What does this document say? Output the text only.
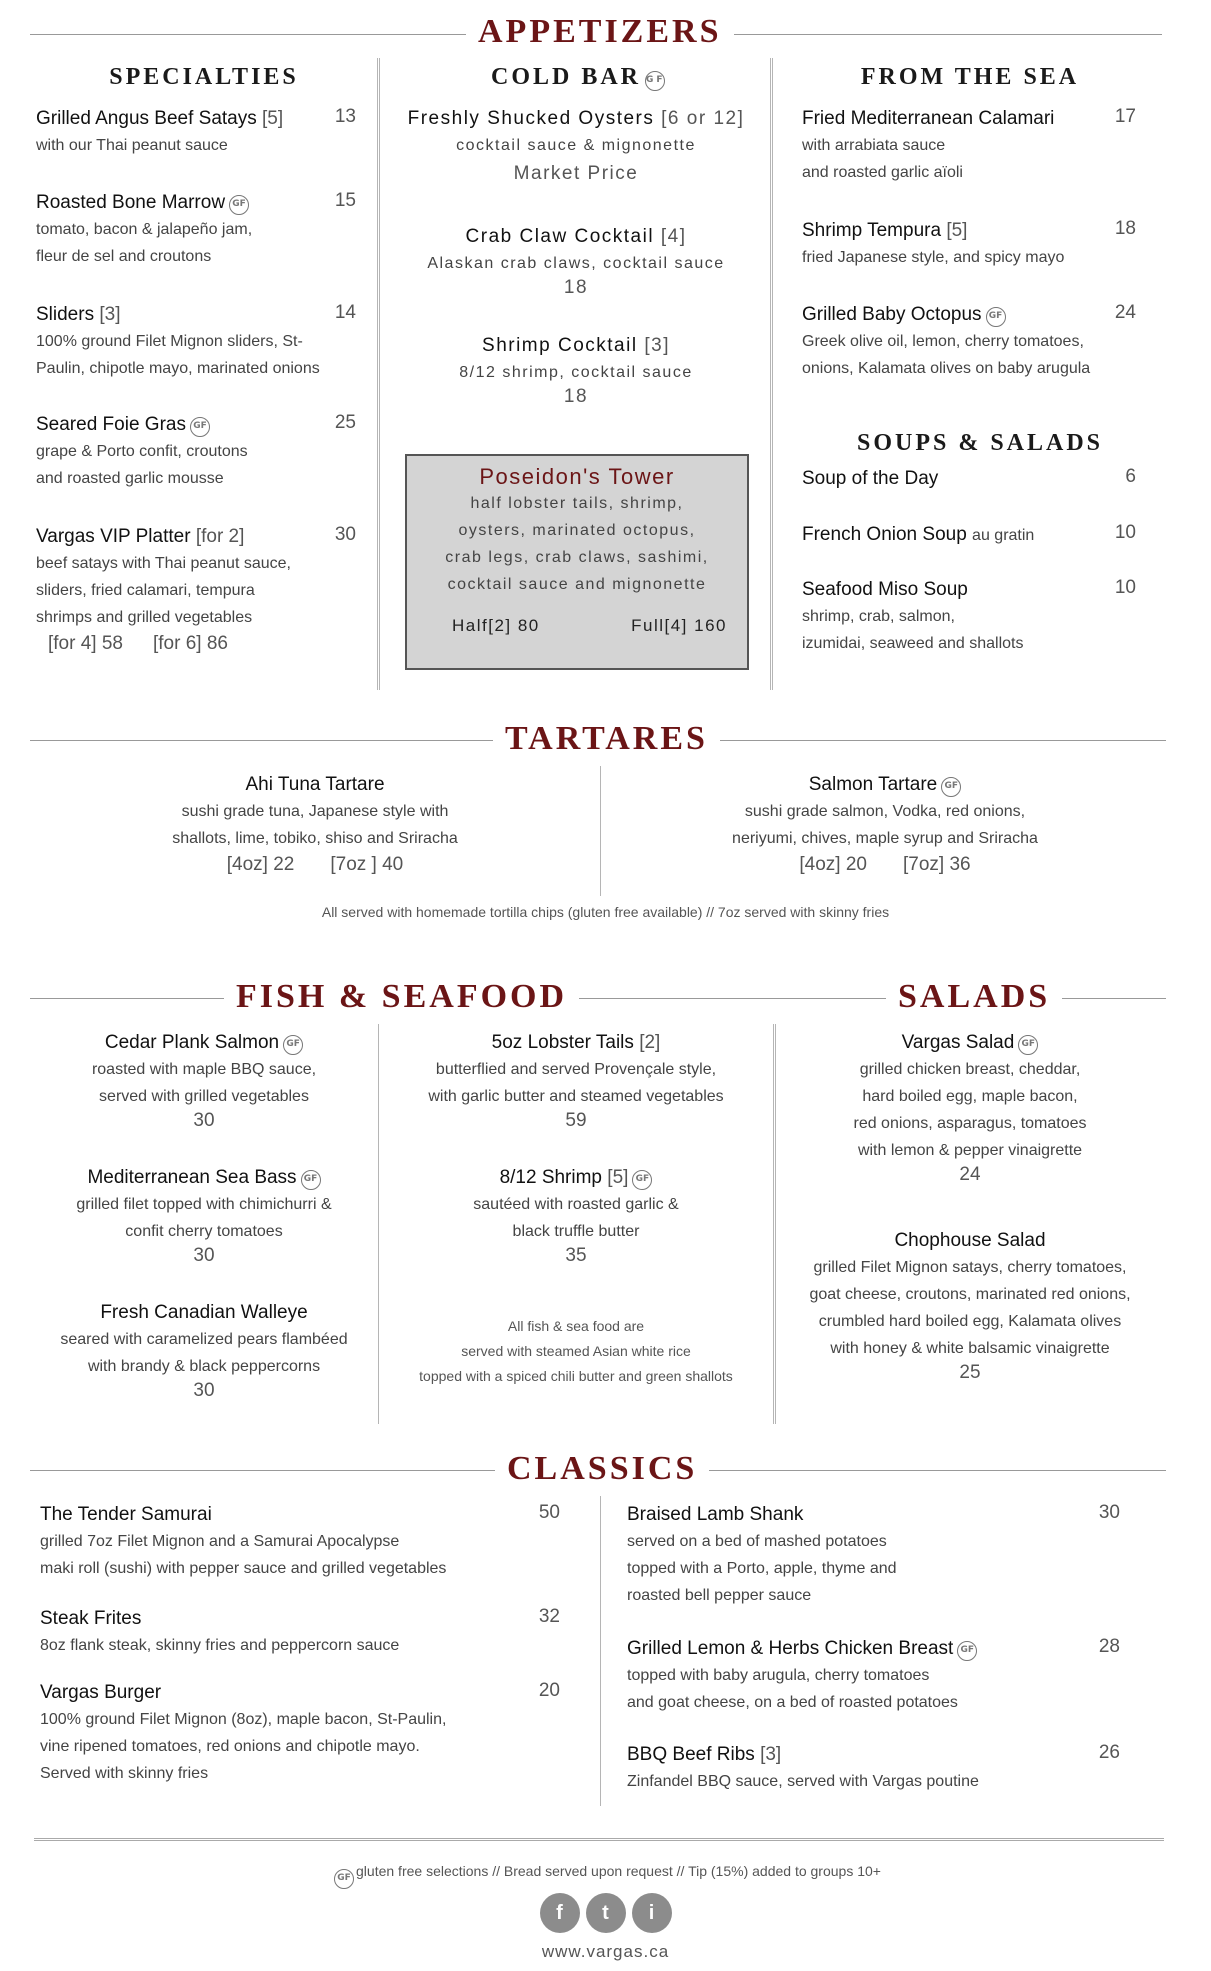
APPETIZERS
SPECIALTIES
Grilled Angus Beef Satays [5]	13
with our Thai peanut sauce
Roasted Bone Marrow GF	15
tomato, bacon & jalapeño jam,
fleur de sel and croutons
Sliders [3]	14
100% ground Filet Mignon sliders, St-
Paulin, chipotle mayo, marinated onions
Seared Foie Gras GF	25
grape & Porto confit, croutons
and roasted garlic mousse
Vargas VIP Platter [for 2]	30
beef satays with Thai peanut sauce,
sliders, fried calamari, tempura
shrimps and grilled vegetables
[for 4] 58 [for 6] 86
COLD BAR GF
Freshly Shucked Oysters [6 or 12]
cocktail sauce & mignonette
Market Price
Crab Claw Cocktail [4]
Alaskan crab claws, cocktail sauce
18
Shrimp Cocktail [3]
8/12 shrimp, cocktail sauce
18
Poseidon's Tower
half lobster tails, shrimp,
oysters, marinated octopus,
crab legs, crab claws, sashimi,
cocktail sauce and mignonette
Half[2] 80	Full[4] 160
FROM THE SEA
Fried Mediterranean Calamari	17
with arrabiata sauce
and roasted garlic aïoli
Shrimp Tempura [5]	18
fried Japanese style, and spicy mayo
Grilled Baby Octopus GF	24
Greek olive oil, lemon, cherry tomatoes,
onions, Kalamata olives on baby arugula
SOUPS & SALADS
Soup of the Day	6
French Onion Soup au gratin	10
Seafood Miso Soup	10
shrimp, crab, salmon,
izumidai, seaweed and shallots
TARTARES
Ahi Tuna Tartare
sushi grade tuna, Japanese style with
shallots, lime, tobiko, shiso and Sriracha
[4oz] 22 [7oz ] 40
Salmon Tartare GF
sushi grade salmon, Vodka, red onions,
neriyumi, chives, maple syrup and Sriracha
[4oz] 20 [7oz] 36
All served with homemade tortilla chips (gluten free available) // 7oz served with skinny fries
FISH & SEAFOOD	SALADS
Cedar Plank Salmon GF
roasted with maple BBQ sauce,
served with grilled vegetables
30
Mediterranean Sea Bass GF
grilled filet topped with chimichurri &
confit cherry tomatoes
30
Fresh Canadian Walleye
seared with caramelized pears flambéed
with brandy & black peppercorns
30
5oz Lobster Tails [2]
butterflied and served Provençale style,
with garlic butter and steamed vegetables
59
8/12 Shrimp [5] GF
sautéed with roasted garlic &
black truffle butter
35
All fish & sea food are
served with steamed Asian white rice
topped with a spiced chili butter and green shallots
Vargas Salad GF
grilled chicken breast, cheddar,
hard boiled egg, maple bacon,
red onions, asparagus, tomatoes
with lemon & pepper vinaigrette
24
Chophouse Salad
grilled Filet Mignon satays, cherry tomatoes,
goat cheese, croutons, marinated red onions,
crumbled hard boiled egg, Kalamata olives
with honey & white balsamic vinaigrette
25
CLASSICS
The Tender Samurai	50
grilled 7oz Filet Mignon and a Samurai Apocalypse
maki roll (sushi) with pepper sauce and grilled vegetables
Steak Frites	32
8oz flank steak, skinny fries and peppercorn sauce
Vargas Burger	20
100% ground Filet Mignon (8oz), maple bacon, St-Paulin,
vine ripened tomatoes, red onions and chipotle mayo.
Served with skinny fries
Braised Lamb Shank	30
served on a bed of mashed potatoes
topped with a Porto, apple, thyme and
roasted bell pepper sauce
Grilled Lemon & Herbs Chicken Breast GF	28
topped with baby arugula, cherry tomatoes
and goat cheese, on a bed of roasted potatoes
BBQ Beef Ribs [3]	26
Zinfandel BBQ sauce, served with Vargas poutine
GF gluten free selections // Bread served upon request // Tip (15%) added to groups 10+
f t i
www.vargas.ca
